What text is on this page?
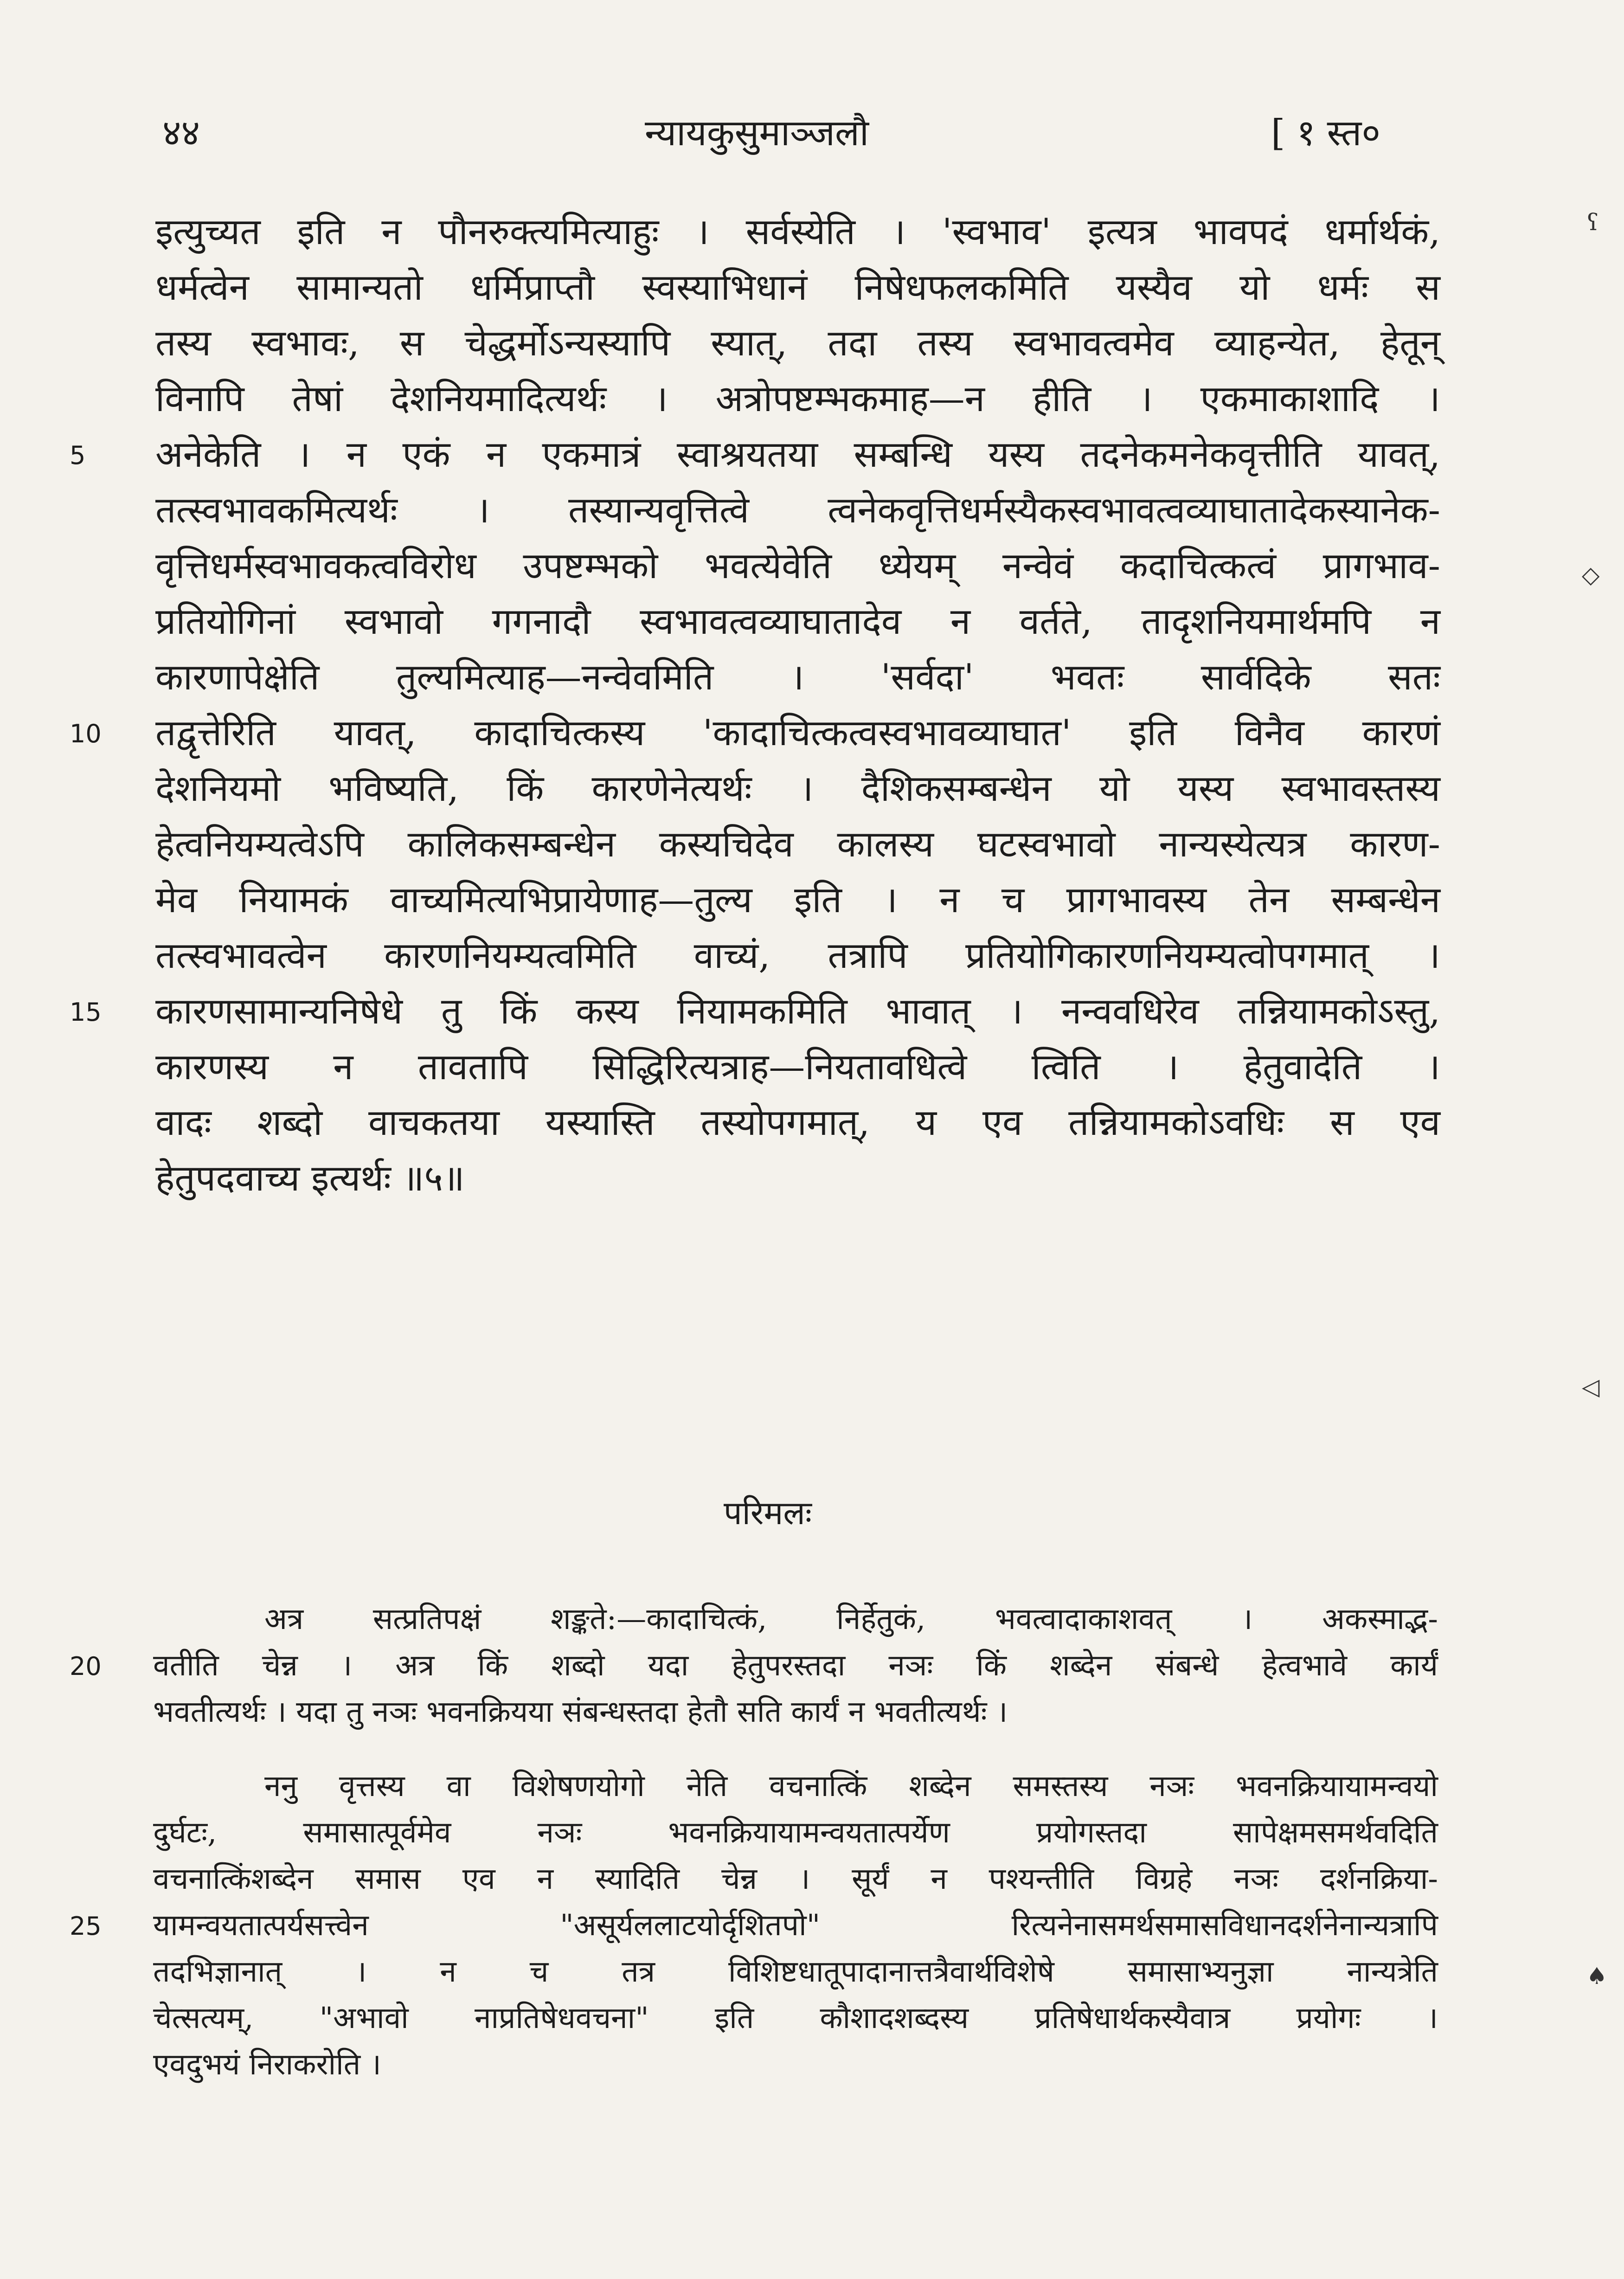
४४	न्यायकुसुमाञ्जलौ	[ १ स्त०
इत्युच्यत इति न पौनरुक्त्यमित्याहुः । सर्वस्येति । 'स्वभाव' इत्यत्र भावपदं धर्मार्थकं,
धर्मत्वेन सामान्यतो धर्मिप्राप्तौ स्वस्याभिधानं निषेधफलकमिति यस्यैव यो धर्मः स
तस्य स्वभावः, स चेद्धर्मोऽन्यस्यापि स्यात्, तदा तस्य स्वभावत्वमेव व्याहन्येत, हेतून्
विनापि तेषां देशनियमादित्यर्थः । अत्रोपष्टम्भकमाह—न हीति । एकमाकाशादि ।
अनेकेति । न एकं न एकमात्रं स्वाश्रयतया सम्बन्धि यस्य तदनेकमनेकवृत्तीति यावत्,
तत्स्वभावकमित्यर्थः । तस्यान्यवृत्तित्वे त्वनेकवृत्तिधर्मस्यैकस्वभावत्वव्याघातादेकस्यानेक-
वृत्तिधर्मस्वभावकत्वविरोध उपष्टम्भको भवत्येवेति ध्येयम् नन्वेवं कदाचित्कत्वं प्रागभाव-
प्रतियोगिनां स्वभावो गगनादौ स्वभावत्वव्याघातादेव न वर्तते, तादृशनियमार्थमपि न
कारणापेक्षेति तुल्यमित्याह—नन्वेवमिति । 'सर्वदा' भवतः सार्वदिके सतः
तद्वृत्तेरिति यावत्, कादाचित्कस्य 'कादाचित्कत्वस्वभावव्याघात' इति विनैव कारणं
देशनियमो भविष्यति, किं कारणेनेत्यर्थः । दैशिकसम्बन्धेन यो यस्य स्वभावस्तस्य
हेत्वनियम्यत्वेऽपि कालिकसम्बन्धेन कस्यचिदेव कालस्य घटस्वभावो नान्यस्येत्यत्र कारण-
मेव नियामकं वाच्यमित्यभिप्रायेणाह—तुल्य इति । न च प्रागभावस्य तेन सम्बन्धेन
तत्स्वभावत्वेन कारणनियम्यत्वमिति वाच्यं, तत्रापि प्रतियोगिकारणनियम्यत्वोपगमात् ।
कारणसामान्यनिषेधे तु किं कस्य नियामकमिति भावात् । नन्ववधिरेव तन्नियामकोऽस्तु,
कारणस्य न तावतापि सिद्धिरित्यत्राह—नियतावधित्वे त्विति । हेतुवादेति ।
वादः शब्दो वाचकतया यस्यास्ति तस्योपगमात्, य एव तन्नियामकोऽवधिः स एव
हेतुपदवाच्य इत्यर्थः ॥५॥
5
10
15
परिमलः
अत्र सत्प्रतिपक्षं शङ्कते:—कादाचित्कं, निर्हेतुकं, भवत्वादाकाशवत् । अकस्माद्भ-
वतीति चेन्न । अत्र किं शब्दो यदा हेतुपरस्तदा नञः किं शब्देन संबन्धे हेत्वभावे कार्यं
भवतीत्यर्थः । यदा तु नञः भवनक्रियया संबन्धस्तदा हेतौ सति कार्यं न भवतीत्यर्थः ।
ननु वृत्तस्य वा विशेषणयोगो नेति वचनात्किं शब्देन समस्तस्य नञः भवनक्रियायामन्वयो
दुर्घटः, समासात्पूर्वमेव नञः भवनक्रियायामन्वयतात्पर्येण प्रयोगस्तदा सापेक्षमसमर्थवदिति
वचनात्किंशब्देन समास एव न स्यादिति चेन्न । सूर्यं न पश्यन्तीति विग्रहे नञः दर्शनक्रिया-
यामन्वयतात्पर्यसत्त्वेन "असूर्यललाटयोर्दृशितपो" रित्यनेनासमर्थसमासविधानदर्शनेनान्यत्रापि
तदभिज्ञानात् । न च तत्र विशिष्टधातूपादानात्तत्रैवार्थविशेषे समासाभ्यनुज्ञा नान्यत्रेति
चेत्सत्यम्, "अभावो नाप्रतिषेधवचना" इति कौशादशब्दस्य प्रतिषेधार्थकस्यैवात्र प्रयोगः ।
एवदुभयं निराकरोति ।
20
25
ʕ
◇
◁
♠
